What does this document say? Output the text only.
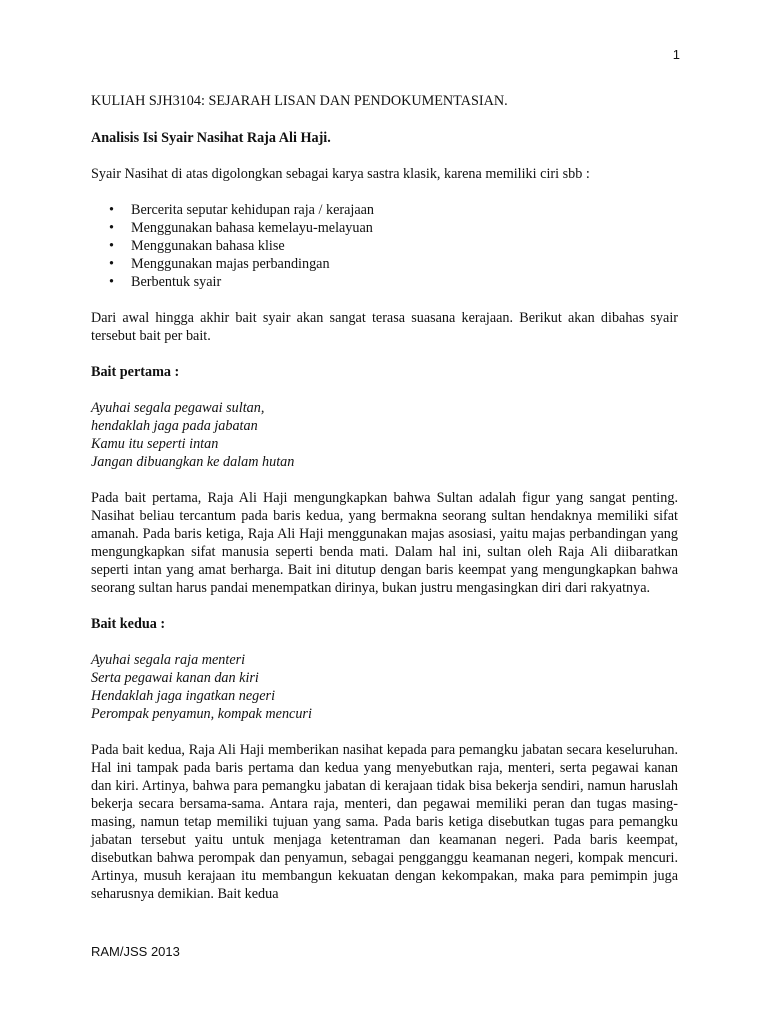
1

KULIAH SJH3104: SEJARAH LISAN DAN PENDOKUMENTASIAN.

Analisis Isi Syair Nasihat Raja Ali Haji.

Syair Nasihat di atas digolongkan sebagai karya sastra klasik, karena memiliki ciri sbb :

• Bercerita seputar kehidupan raja / kerajaan
• Menggunakan bahasa kemelayu-melayuan
• Menggunakan bahasa klise
• Menggunakan majas perbandingan
• Berbentuk syair

Dari awal hingga akhir bait syair akan sangat terasa suasana kerajaan. Berikut akan dibahas syair tersebut bait per bait.

Bait pertama :

Ayuhai segala pegawai sultan,
hendaklah jaga pada jabatan
Kamu itu seperti intan
Jangan dibuangkan ke dalam hutan

Pada bait pertama, Raja Ali Haji mengungkapkan bahwa Sultan adalah figur yang sangat penting. Nasihat beliau tercantum pada baris kedua, yang bermakna seorang sultan hendaknya memiliki sifat amanah. Pada baris ketiga, Raja Ali Haji menggunakan majas asosiasi, yaitu majas perbandingan yang mengungkapkan sifat manusia seperti benda mati. Dalam hal ini, sultan oleh Raja Ali diibaratkan seperti intan yang amat berharga. Bait ini ditutup dengan baris keempat yang mengungkapkan bahwa seorang sultan harus pandai menempatkan dirinya, bukan justru mengasingkan diri dari rakyatnya.

Bait kedua :

Ayuhai segala raja menteri
Serta pegawai kanan dan kiri
Hendaklah jaga ingatkan negeri
Perompak penyamun, kompak mencuri

Pada bait kedua, Raja Ali Haji memberikan nasihat kepada para pemangku jabatan secara keseluruhan. Hal ini tampak pada baris pertama dan kedua yang menyebutkan raja, menteri, serta pegawai kanan dan kiri. Artinya, bahwa para pemangku jabatan di kerajaan tidak bisa bekerja sendiri, namun haruslah bekerja secara bersama-sama. Antara raja, menteri, dan pegawai memiliki peran dan tugas masing-masing, namun tetap memiliki tujuan yang sama. Pada baris ketiga disebutkan tugas para pemangku jabatan tersebut yaitu untuk menjaga ketentraman dan keamanan negeri. Pada baris keempat, disebutkan bahwa perompak dan penyamun, sebagai pengganggu keamanan negeri, kompak mencuri. Artinya, musuh kerajaan itu membangun kekuatan dengan kekompakan, maka para pemimpin juga seharusnya demikian. Bait kedua

RAM/JSS 2013
